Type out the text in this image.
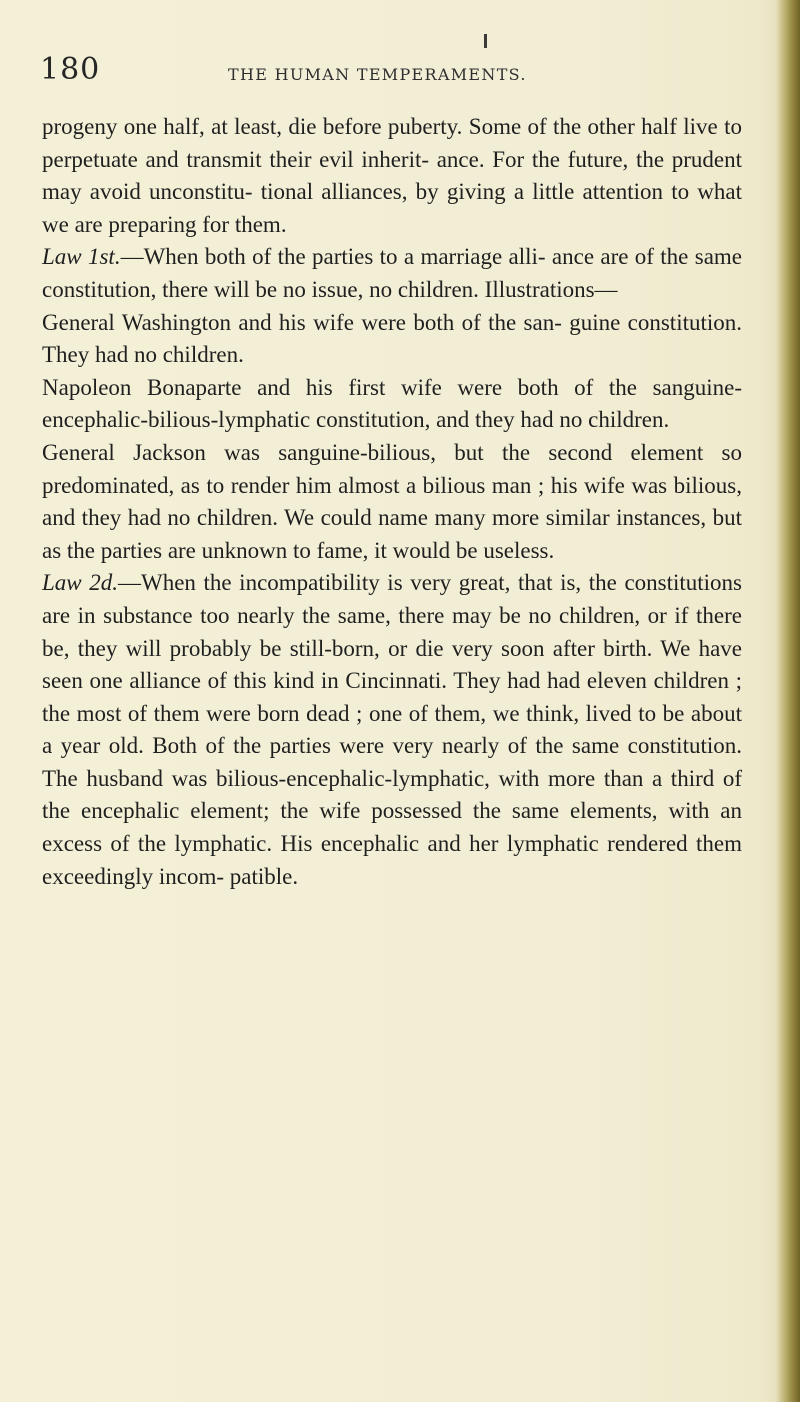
180	THE HUMAN TEMPERAMENTS.

progeny one half, at least, die before puberty. Some of the other half live to perpetuate and transmit their evil inherit- ance. For the future, the prudent may avoid unconstitu- tional alliances, by giving a little attention to what we are preparing for them.

Law 1st.—When both of the parties to a marriage alli- ance are of the same constitution, there will be no issue, no children. Illustrations—

General Washington and his wife were both of the san- guine constitution. They had no children.

Napoleon Bonaparte and his first wife were both of the sanguine-encephalic-bilious-lymphatic constitution, and they had no children.

General Jackson was sanguine-bilious, but the second element so predominated, as to render him almost a bilious man ; his wife was bilious, and they had no children. We could name many more similar instances, but as the parties are unknown to fame, it would be useless.

Law 2d.—When the incompatibility is very great, that is, the constitutions are in substance too nearly the same, there may be no children, or if there be, they will probably be still-born, or die very soon after birth. We have seen one alliance of this kind in Cincinnati. They had had eleven children ; the most of them were born dead ; one of them, we think, lived to be about a year old. Both of the parties were very nearly of the same constitution. The husband was bilious-encephalic-lymphatic, with more than a third of the encephalic element; the wife possessed the same elements, with an excess of the lymphatic. His encephalic and her lymphatic rendered them exceedingly incom- patible.
